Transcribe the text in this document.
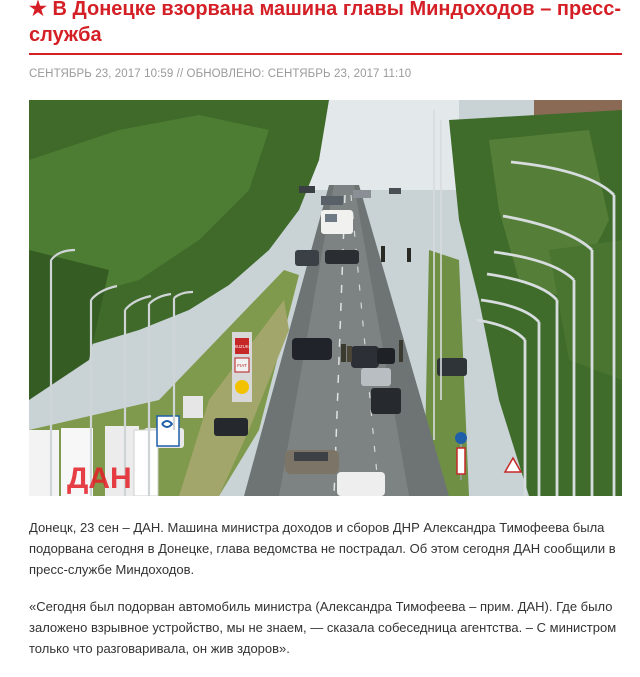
★ В Донецке взорвана машина главы Миндоходов – пресс-служба
СЕНТЯБРЬ 23, 2017 10:59 // ОБНОВЛЕНО: СЕНТЯБРЬ 23, 2017 11:10
SUZUKI
FIAT
ДАН

Донецк, 23 сен – ДАН. Машина министра доходов и сборов ДНР Александра Тимофеева была подорвана сегодня в Донецке, глава ведомства не пострадал. Об этом сегодня ДАН сообщили в пресс-службе Миндоходов.

«Сегодня был подорван автомобиль министра (Александра Тимофеева – прим. ДАН). Где было заложено взрывное устройство, мы не знаем, — сказала собеседница агентства. – С министром только что разговаривала, он жив здоров».
